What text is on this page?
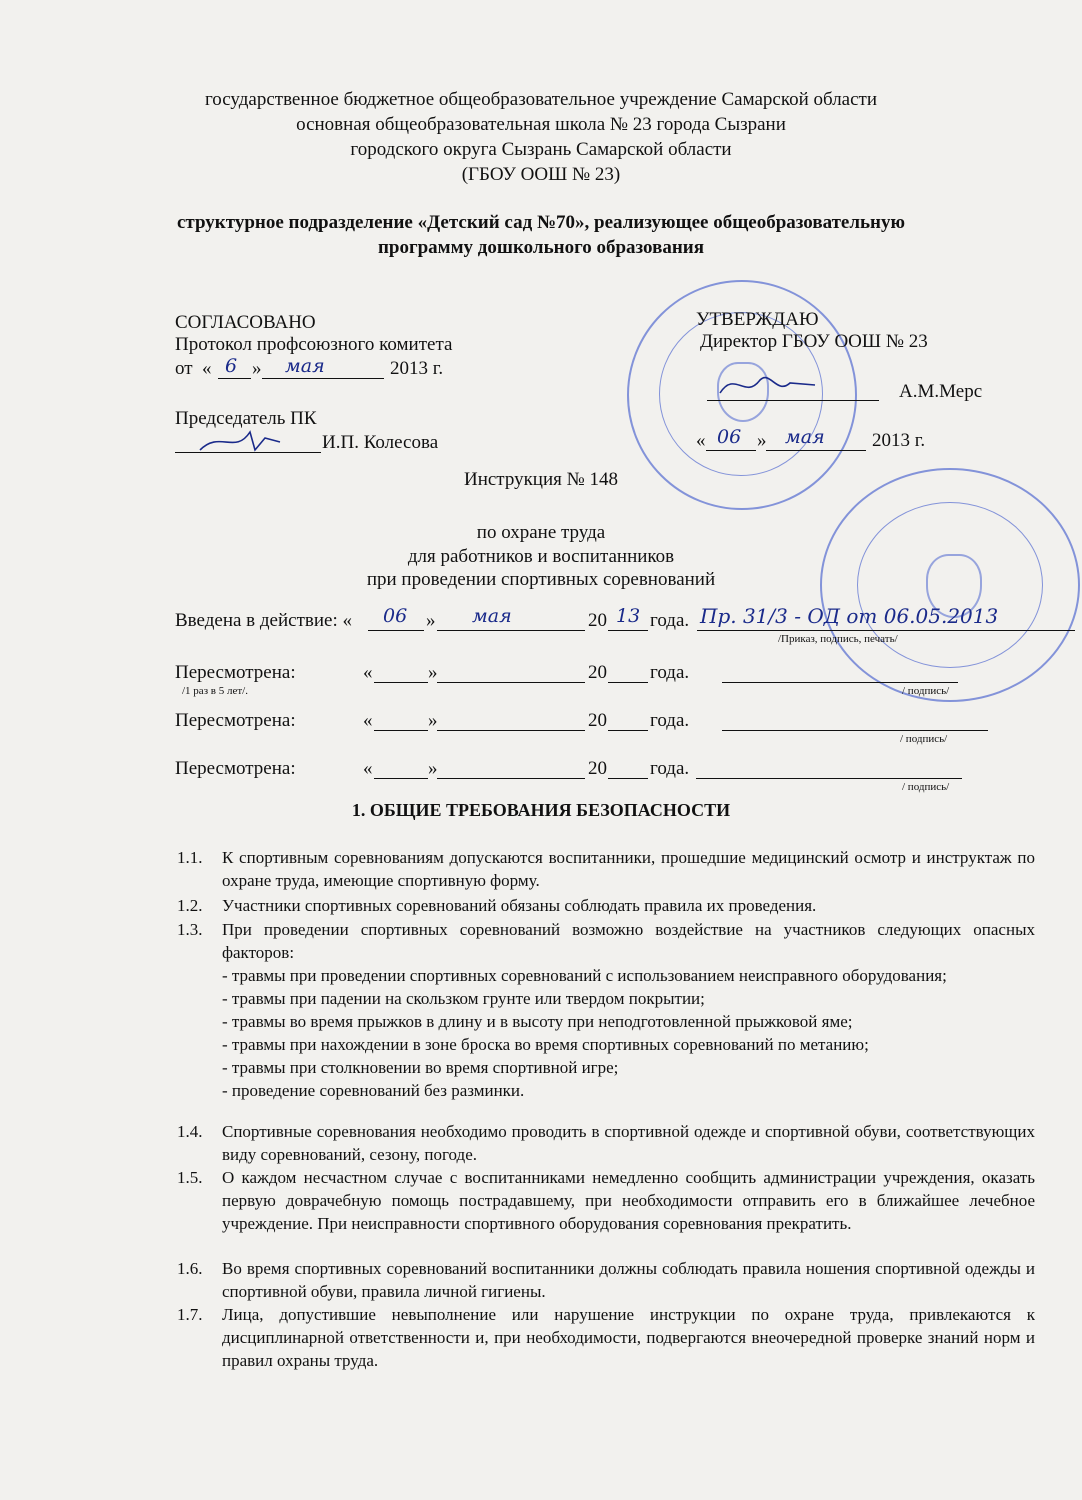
государственное бюджетное общеобразовательное учреждение Самарской области
основная общеобразовательная школа № 23 города Сызрани
городского округа Сызрань Самарской области
(ГБОУ ООШ № 23)
структурное подразделение «Детский сад №70», реализующее общеобразовательную
программу дошкольного образования
СОГЛАСОВАНО
Протокол профсоюзного комитета
от  « 6 » мая	2013 г.
Председатель ПК
И.П. Колесова
УТВЕРЖДАЮ
Директор ГБОУ ООШ № 23
А.М.Мерс
« 06 » мая 2013 г.
Инструкция № 148
по охране труда
для работников и воспитанников
при проведении спортивных соревнований
Введена в действие: « 06 » мая	20 13 года. Пр. 31/3 - ОД от 06.05.2013
/Приказ, подпись, печать/
Пересмотрена:
/1 раз в 5 лет/.
«	»	20 года.
/ подпись/
Пересмотрена:	«	»	20 года.
/ подпись/
Пересмотрена:	«	»	20 года.
/ подпись/
1. ОБЩИЕ ТРЕБОВАНИЯ БЕЗОПАСНОСТИ
1.1.	К спортивным соревнованиям допускаются воспитанники, прошедшие медицинский осмотр и инструктаж по охране труда, имеющие спортивную форму.
1.2.	Участники спортивных соревнований обязаны соблюдать правила их проведения.
1.3.	При проведении спортивных соревнований возможно воздействие на участников следующих опасных факторов:
- травмы при проведении спортивных соревнований с использованием неисправного оборудования;
- травмы при падении на скользком грунте или твердом покрытии;
- травмы во время прыжков в длину и в высоту при неподготовленной прыжковой яме;
- травмы при нахождении в зоне броска во время спортивных соревнований по метанию;
- травмы при столкновении во время спортивной игре;
- проведение соревнований без разминки.
1.4.	Спортивные соревнования необходимо проводить в спортивной одежде и спортивной обуви, соответствующих виду соревнований, сезону, погоде.
1.5.	О каждом несчастном случае с воспитанниками немедленно сообщить администрации учреждения, оказать первую доврачебную помощь пострадавшему, при необходимости отправить его в ближайшее лечебное учреждение. При неисправности спортивного оборудования соревнования прекратить.
1.6.	Во время спортивных соревнований воспитанники должны соблюдать правила ношения спортивной одежды и спортивной обуви, правила личной гигиены.
1.7.	Лица, допустившие невыполнение или нарушение инструкции по охране труда, привлекаются к дисциплинарной ответственности и, при необходимости, подвергаются внеочередной проверке знаний норм и правил охраны труда.
